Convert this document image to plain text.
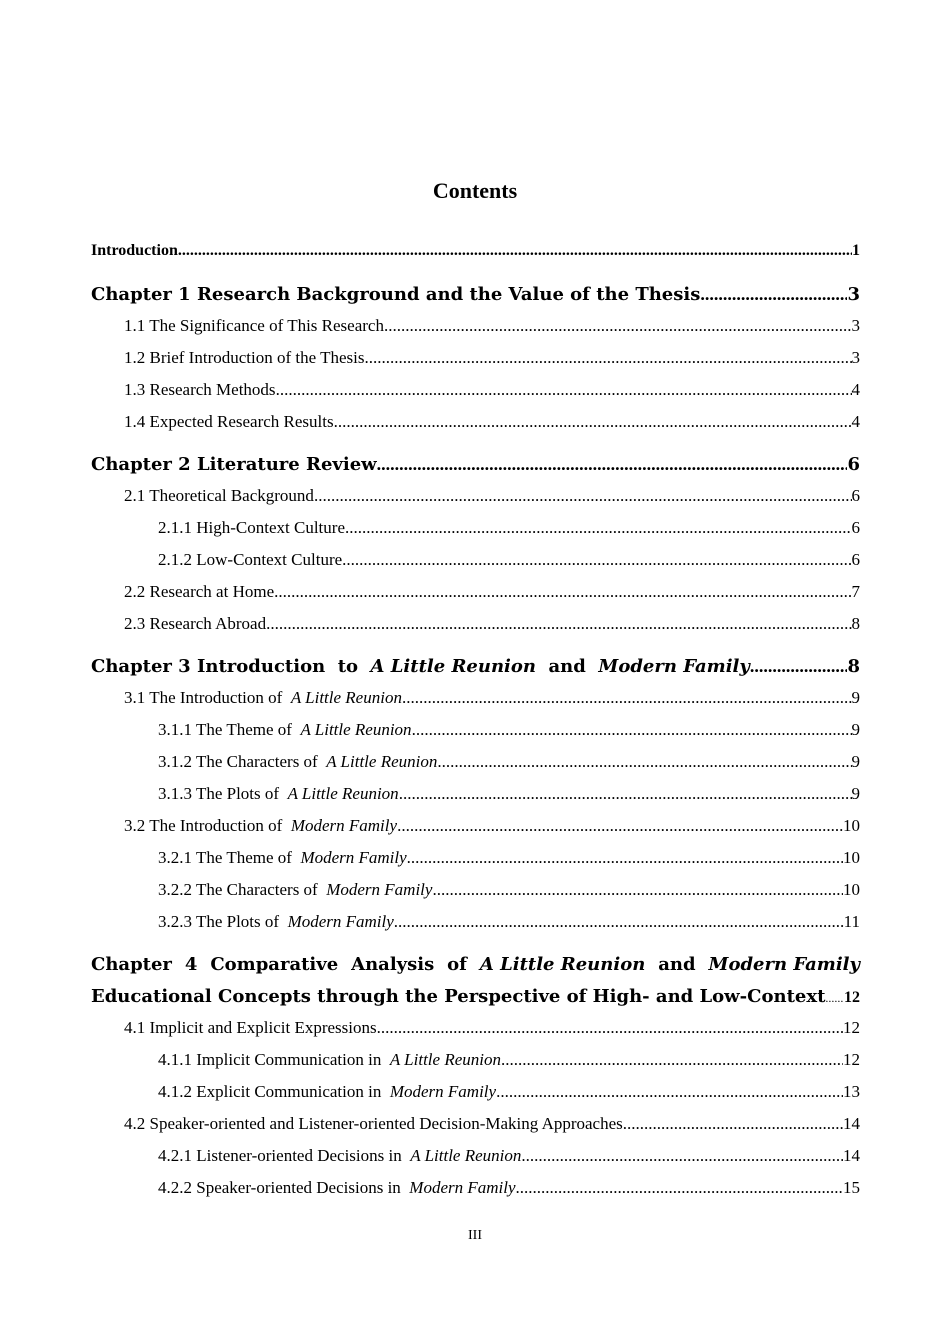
Contents
Introduction .....	1
Chapter 1 Research Background and the Value of the Thesis .....	3
1.1 The Significance of This Research .....	3
1.2 Brief Introduction of the Thesis .....	3
1.3 Research Methods .....	4
1.4 Expected Research Results .....	4
Chapter 2 Literature Review .....	6
2.1 Theoretical Background .....	6
2.1.1 High-Context Culture .....	6
2.1.2 Low-Context Culture .....	6
2.2 Research at Home .....	7
2.3 Research Abroad .....	8
Chapter 3 Introduction  to  A Little Reunion  and  Modern Family .....	8
3.1 The Introduction of  A Little Reunion .....	9
3.1.1 The Theme of  A Little Reunion .....	9
3.1.2 The Characters of  A Little Reunion .....	9
3.1.3 The Plots of  A Little Reunion .....	9
3.2 The Introduction of  Modern Family .....	10
3.2.1 The Theme of  Modern Family .....	10
3.2.2 The Characters of  Modern Family .....	10
3.2.3 The Plots of  Modern Family .....	11
Chapter 4 Comparative Analysis of A Little Reunion and Modern Family
Educational Concepts through the Perspective of High- and Low-Context ..... 12
4.1 Implicit and Explicit Expressions .....	12
4.1.1 Implicit Communication in  A Little Reunion .....	12
4.1.2 Explicit Communication in  Modern Family .....	13
4.2 Speaker-oriented and Listener-oriented Decision-Making Approaches .....	14
4.2.1 Listener-oriented Decisions in  A Little Reunion .....	14
4.2.2 Speaker-oriented Decisions in  Modern Family .....	15
III
